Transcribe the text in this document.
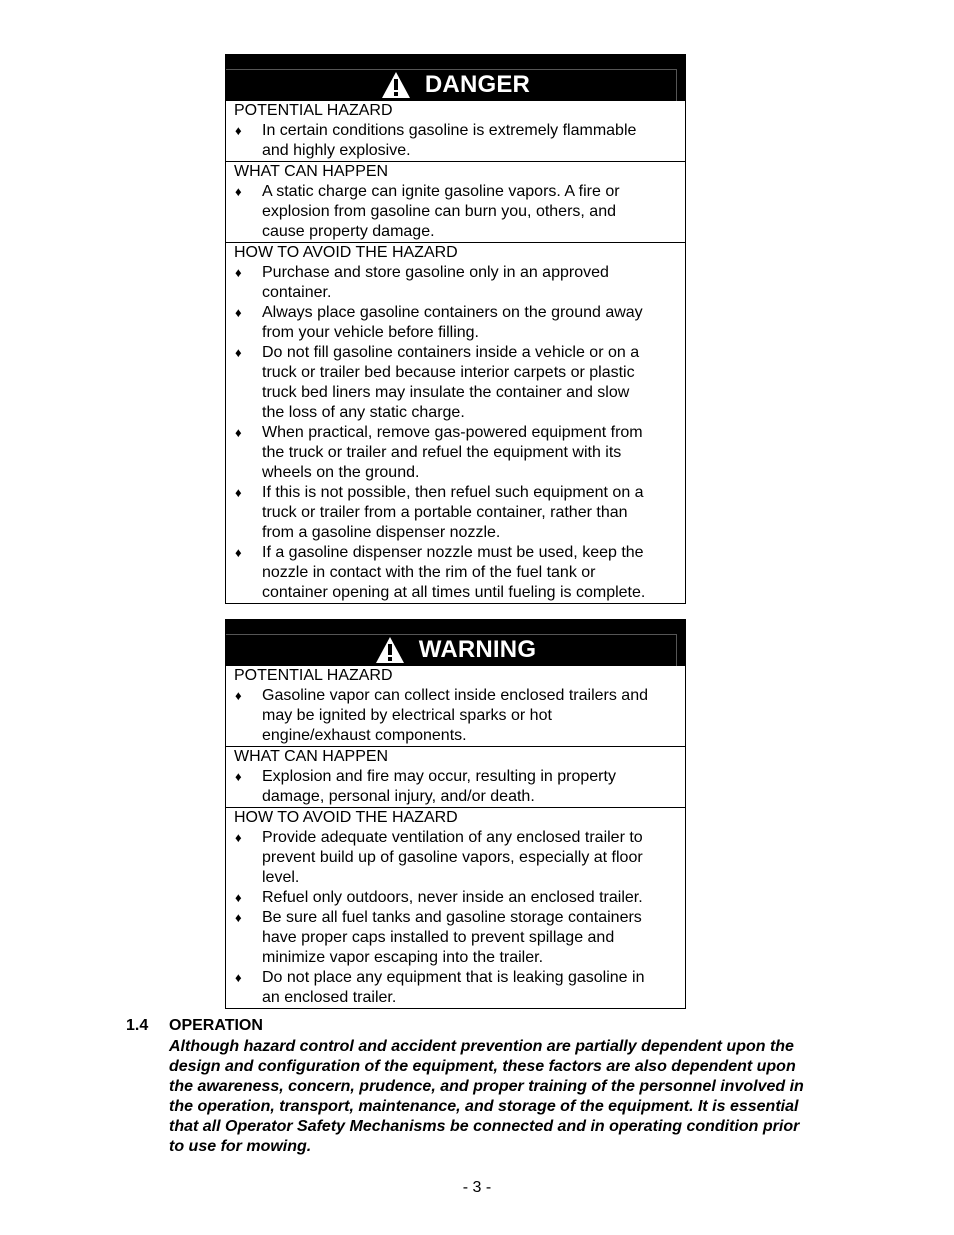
DANGER
POTENTIAL HAZARD
♦	In certain conditions gasoline is extremely flammable
and highly explosive.
WHAT CAN HAPPEN
♦	A static charge can ignite gasoline vapors. A fire or
explosion from gasoline can burn you, others, and
cause property damage.
HOW TO AVOID THE HAZARD
♦	Purchase and store gasoline only in an approved
container.
♦	Always place gasoline containers on the ground away
from your vehicle before filling.
♦	Do not fill gasoline containers inside a vehicle or on a
truck or trailer bed because interior carpets or plastic
truck bed liners may insulate the container and slow
the loss of any static charge.
♦	When practical, remove gas-powered equipment from
the truck or trailer and refuel the equipment with its
wheels on the ground.
♦	If this is not possible, then refuel such equipment on a
truck or trailer from a portable container, rather than
from a gasoline dispenser nozzle.
♦	If a gasoline dispenser nozzle must be used, keep the
nozzle in contact with the rim of the fuel tank or
container opening at all times until fueling is complete.
WARNING
POTENTIAL HAZARD
♦	Gasoline vapor can collect inside enclosed trailers and
may be ignited by electrical sparks or hot
engine/exhaust components.
WHAT CAN HAPPEN
♦	Explosion and fire may occur, resulting in property
damage, personal injury, and/or death.
HOW TO AVOID THE HAZARD
♦	Provide adequate ventilation of any enclosed trailer to
prevent build up of gasoline vapors, especially at floor
level.
♦	Refuel only outdoors, never inside an enclosed trailer.
♦	Be sure all fuel tanks and gasoline storage containers
have proper caps installed to prevent spillage and
minimize vapor escaping into the trailer.
♦	Do not place any equipment that is leaking gasoline in
an enclosed trailer.
1.4 OPERATION
Although hazard control and accident prevention are partially dependent upon the
design and configuration of the equipment, these factors are also dependent upon
the awareness, concern, prudence, and proper training of the personnel involved in
the operation, transport, maintenance, and storage of the equipment. It is essential
that all Operator Safety Mechanisms be connected and in operating condition prior
to use for mowing.
- 3 -
